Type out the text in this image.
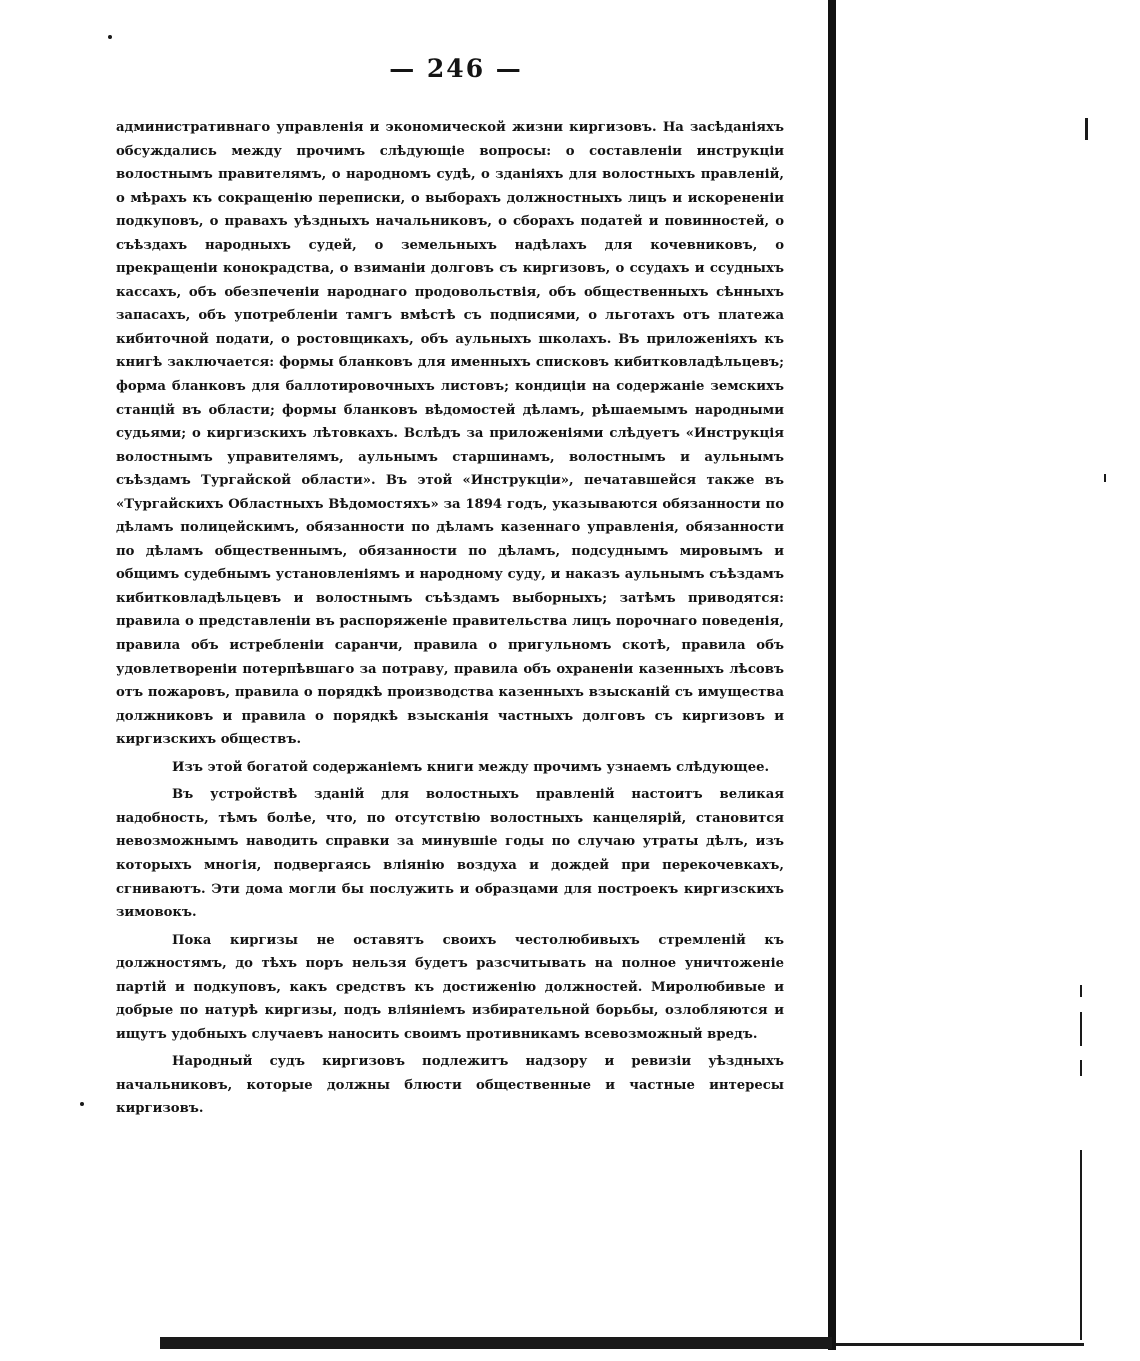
— 246 —

административнаго управленія и экономической жизни киргизовъ. На засѣданіяхъ обсуждались между прочимъ слѣдующіе вопросы: о составленіи инструкціи волостнымъ правителямъ, о народномъ судѣ, о зданіяхъ для волостныхъ правленій, о мѣрахъ къ сокращенію переписки, о выборахъ должностныхъ лицъ и искорененіи подкуповъ, о правахъ уѣздныхъ начальниковъ, о сборахъ податей и повинностей, о съѣздахъ народныхъ судей, о земельныхъ надѣлахъ для кочевниковъ, о прекращеніи конокрадства, о взиманіи долговъ съ киргизовъ, о ссудахъ и ссудныхъ кассахъ, объ обезпеченіи народнаго продовольствія, объ общественныхъ сѣнныхъ запасахъ, объ употребленіи тамгъ вмѣстѣ съ подписями, о льготахъ отъ платежа кибиточной подати, о ростовщикахъ, объ аульныхъ школахъ. Въ приложеніяхъ къ книгѣ заключается: формы бланковъ для именныхъ списковъ кибитковладѣльцевъ; форма бланковъ для баллотировочныхъ листовъ; кондиціи на содержаніе земскихъ станцій въ области; формы бланковъ вѣдомостей дѣламъ, рѣшаемымъ народными судьями; о киргизскихъ лѣтовкахъ. Вслѣдъ за приложеніями слѣдуетъ «Инструкція волостнымъ управителямъ, аульнымъ старшинамъ, волостнымъ и аульнымъ съѣздамъ Тургайской области». Въ этой «Инструкціи», печатавшейся также въ «Тургайскихъ Областныхъ Вѣдомостяхъ» за 1894 годъ, указываются обязанности по дѣламъ полицейскимъ, обязанности по дѣламъ казеннаго управленія, обязанности по дѣламъ общественнымъ, обязанности по дѣламъ, подсуднымъ мировымъ и общимъ судебнымъ установленіямъ и народному суду, и наказъ аульнымъ съѣздамъ кибитковладѣльцевъ и волостнымъ съѣздамъ выборныхъ; затѣмъ приводятся: правила о представленіи въ распоряженіе правительства лицъ порочнаго поведенія, правила объ истребленіи саранчи, правила о пригульномъ скотѣ, правила объ удовлетвореніи потерпѣвшаго за потраву, правила объ охраненіи казенныхъ лѣсовъ отъ пожаровъ, правила о порядкѣ производства казенныхъ взысканій съ имущества должниковъ и правила о порядкѣ взысканія частныхъ долговъ съ киргизовъ и киргизскихъ обществъ.

Изъ этой богатой содержаніемъ книги между прочимъ узнаемъ слѣдующее.

Въ устройствѣ зданій для волостныхъ правленій настоитъ великая надобность, тѣмъ болѣе, что, по отсутствію волостныхъ канцелярій, становится невозможнымъ наводить справки за минувшіе годы по случаю утраты дѣлъ, изъ которыхъ многія, подвергаясь вліянію воздуха и дождей при перекочевкахъ, сгниваютъ. Эти дома могли бы послужить и образцами для построекъ киргизскихъ зимовокъ.

Пока киргизы не оставятъ своихъ честолюбивыхъ стремленій къ должностямъ, до тѣхъ поръ нельзя будетъ разсчитывать на полное уничтоженіе партій и подкуповъ, какъ средствъ къ достиженію должностей. Миролюбивые и добрые по натурѣ киргизы, подъ вліяніемъ избирательной борьбы, озлобляются и ищутъ удобныхъ случаевъ наносить своимъ противникамъ всевозможный вредъ.

Народный судъ киргизовъ подлежитъ надзору и ревизіи уѣздныхъ начальниковъ, которые должны блюсти общественные и частные интересы киргизовъ.
